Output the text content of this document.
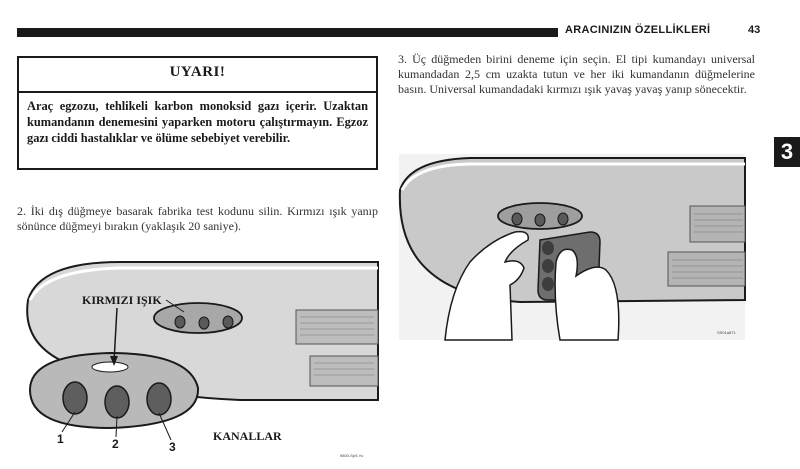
ARACINIZIN ÖZELLİKLERİ	43
3
UYARI!
Araç egzozu, tehlikeli karbon monoksid gazı içerir. Uzaktan kumandanın denemesini yaparken motoru çalıştırmayın. Egzoz gazı ciddi hastalıklar ve ölüme sebebiyet verebilir.
2. İki dış düğmeye basarak fabrika test kodunu silin. Kırmızı ışık yanıp sönünce düğmeyi bırakın (yaklaşık 20 saniye).
3. Üç düğmeden birini deneme için seçin. El tipi kumandayı universal kumandadan 2,5 cm uzakta tutun ve her iki kumandanın düğmelerine basın. Universal kumandadaki kırmızı ışık yavaş yavaş yanıp sönecektir.
KIRMIZI IŞIK
KANALLAR
1	2	3
9800-Sp9-Yu
SS01a871
